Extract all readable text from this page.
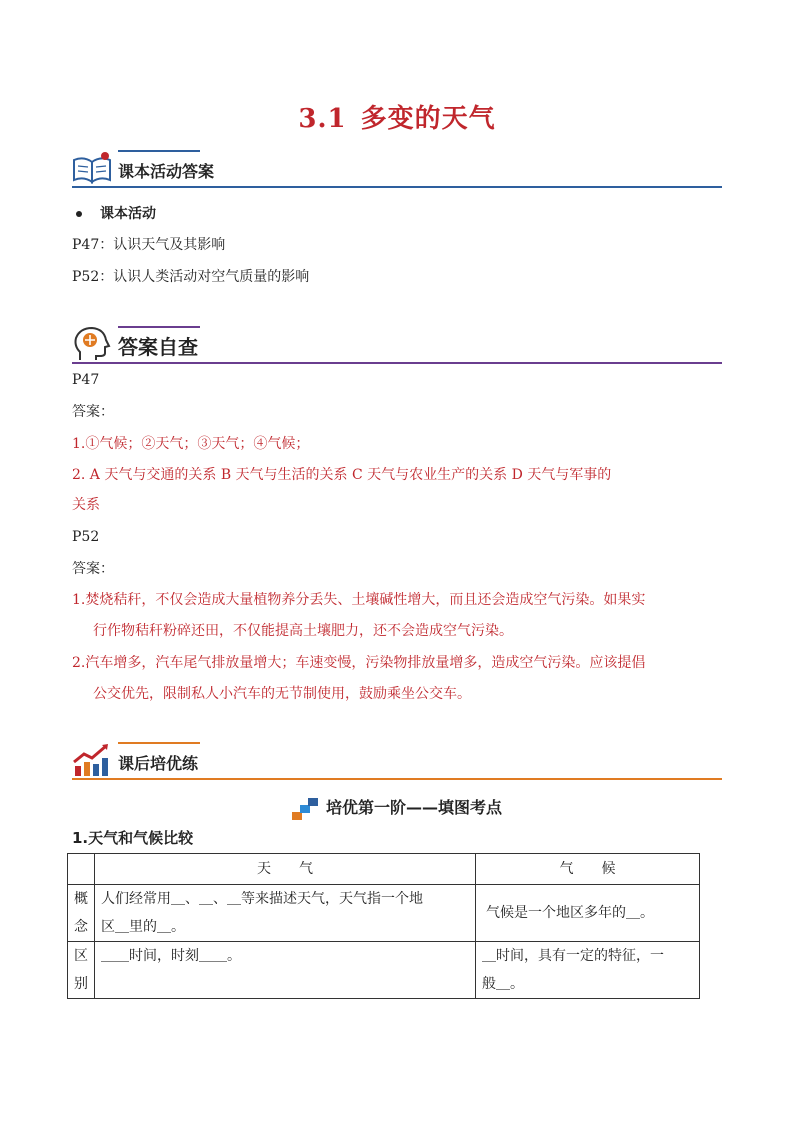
3.1 多变的天气
课本活动答案
课本活动
P47：认识天气及其影响
P52：认识人类活动对空气质量的影响
答案自查
P47
答案：
1.①气候；②天气；③天气；④气候；
2. A 天气与交通的关系 B 天气与生活的关系 C 天气与农业生产的关系 D 天气与军事的
关系
P52
答案：
1.焚烧秸秆，不仅会造成大量植物养分丢失、土壤碱性增大，而且还会造成空气污染。如果实
行作物秸秆粉碎还田，不仅能提高土壤肥力，还不会造成空气污染。
2.汽车增多，汽车尾气排放量增大；车速变慢，污染物排放量增多，造成空气污染。应该提倡
公交优先，限制私人小汽车的无节制使用，鼓励乘坐公交车。
课后培优练
培优第一阶——填图考点
1.天气和气候比较
	天　　气	气　　候
概念	人们经常用＿、＿、＿等来描述天气，天气指一个地
区＿里的＿。	气候是一个地区多年的＿。
区别	＿＿时间，时刻＿＿。	＿时间，具有一定的特征，一
般＿。
